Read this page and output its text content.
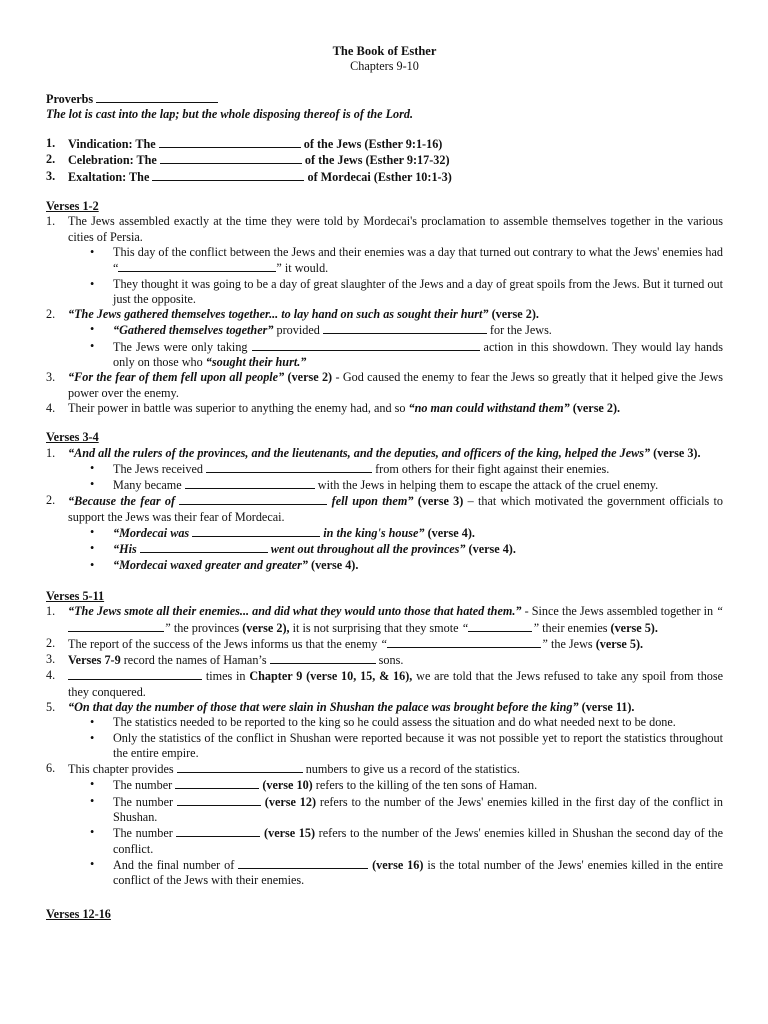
The Book of Esther
Chapters 9-10
Proverbs
The lot is cast into the lap; but the whole disposing thereof is of the Lord.
1.	Vindication: The	of the Jews (Esther 9:1-16)
2.	Celebration: The	of the Jews (Esther 9:17-32)
3.	Exaltation: The	of Mordecai (Esther 10:1-3)
Verses 1-2
1.	The Jews assembled exactly at the time they were told by Mordecai's proclamation to assemble themselves together in the various cities of Persia.
•	This day of the conflict between the Jews and their enemies was a day that turned out contrary to what the Jews' enemies had “	” it would.
•	They thought it was going to be a day of great slaughter of the Jews and a day of great spoils from the Jews. But it turned out just the opposite.
2.	“The Jews gathered themselves together... to lay hand on such as sought their hurt” (verse 2).
•	“Gathered themselves together” provided	for the Jews.
•	The Jews were only taking	action in this showdown. They would lay hands only on those who “sought their hurt.”
3.	“For the fear of them fell upon all people” (verse 2) - God caused the enemy to fear the Jews so greatly that it helped give the Jews power over the enemy.
4.	Their power in battle was superior to anything the enemy had, and so “no man could withstand them” (verse 2).
Verses 3-4
1.	“And all the rulers of the provinces, and the lieutenants, and the deputies, and officers of the king, helped the Jews” (verse 3).
•	The Jews received	from others for their fight against their enemies.
•	Many became	with the Jews in helping them to escape the attack of the cruel enemy.
2.	“Because the fear of	fell upon them” (verse 3) – that which motivated the government officials to support the Jews was their fear of Mordecai.
•	“Mordecai was	in the king's house” (verse 4).
•	“His	went out throughout all the provinces” (verse 4).
•	“Mordecai waxed greater and greater” (verse 4).
Verses 5-11
1.	“The Jews smote all their enemies... and did what they would unto those that hated them.” - Since the Jews assembled together in “” the provinces (verse 2), it is not surprising that they smote “	” their enemies (verse 5).
2.	The report of the success of the Jews informs us that the enemy “	” the Jews (verse 5).
3.	Verses 7-9 record the names of Haman’s	sons.
4.	times in Chapter 9 (verse 10, 15, & 16), we are told that the Jews refused to take any spoil from those they conquered.
5.	“On that day the number of those that were slain in Shushan the palace was brought before the king” (verse 11).
•	The statistics needed to be reported to the king so he could assess the situation and do what needed next to be done.
•	Only the statistics of the conflict in Shushan were reported because it was not possible yet to report the statistics throughout the entire empire.
6.	This chapter provides	numbers to give us a record of the statistics.
•	The number	(verse 10) refers to the killing of the ten sons of Haman.
•	The number	(verse 12) refers to the number of the Jews' enemies killed in the first day of the conflict in Shushan.
•	The number	(verse 15) refers to the number of the Jews' enemies killed in Shushan the second day of the conflict.
•	And the final number of	(verse 16) is the total number of the Jews' enemies killed in the entire conflict of the Jews with their enemies.
Verses 12-16
